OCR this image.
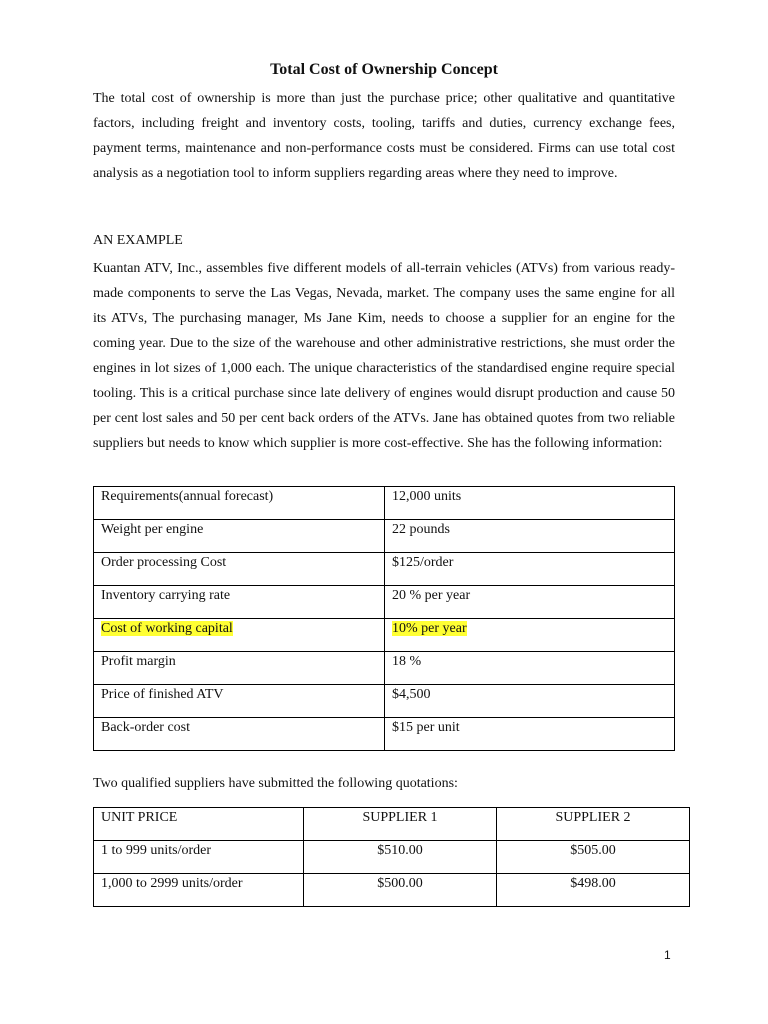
Total Cost of Ownership Concept

The total cost of ownership is more than just the purchase price; other qualitative and quantitative factors, including freight and inventory costs, tooling, tariffs and duties, currency exchange fees, payment terms, maintenance and non-performance costs must be considered. Firms can use total cost analysis as a negotiation tool to inform suppliers regarding areas where they need to improve.

AN EXAMPLE

Kuantan ATV, Inc., assembles five different models of all-terrain vehicles (ATVs) from various ready-made components to serve the Las Vegas, Nevada, market. The company uses the same engine for all its ATVs, The purchasing manager, Ms Jane Kim, needs to choose a supplier for an engine for the coming year. Due to the size of the warehouse and other administrative restrictions, she must order the engines in lot sizes of 1,000 each. The unique characteristics of the standardised engine require special tooling. This is a critical purchase since late delivery of engines would disrupt production and cause 50 per cent lost sales and 50 per cent back orders of the ATVs. Jane has obtained quotes from two reliable suppliers but needs to know which supplier is more cost-effective. She has the following information:

Requirements(annual forecast)	12,000 units
Weight per engine	22 pounds
Order processing Cost	$125/order
Inventory carrying rate	20 % per year
Cost of working capital	10% per year
Profit margin	18 %
Price of finished ATV	$4,500
Back-order cost	$15 per unit

Two qualified suppliers have submitted the following quotations:

UNIT PRICE	SUPPLIER 1	SUPPLIER 2
1 to 999 units/order	$510.00	$505.00
1,000 to 2999 units/order	$500.00	$498.00
1
